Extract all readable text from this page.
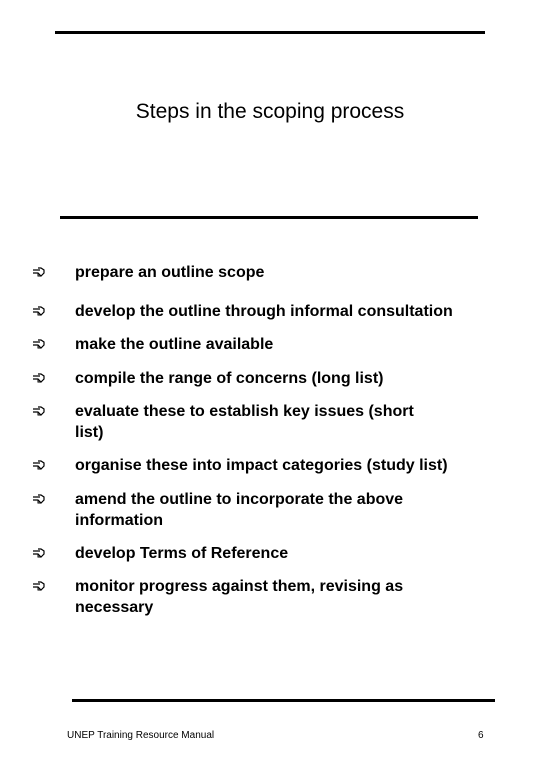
Steps in the scoping process
prepare an outline scope
develop the outline through informal consultation
make the outline available
compile the range of concerns (long list)
evaluate these to establish key issues (short list)
organise these into impact categories (study list)
amend the outline to incorporate the above information
develop Terms of Reference
monitor progress against them, revising as necessary
UNEP Training Resource Manual	6
